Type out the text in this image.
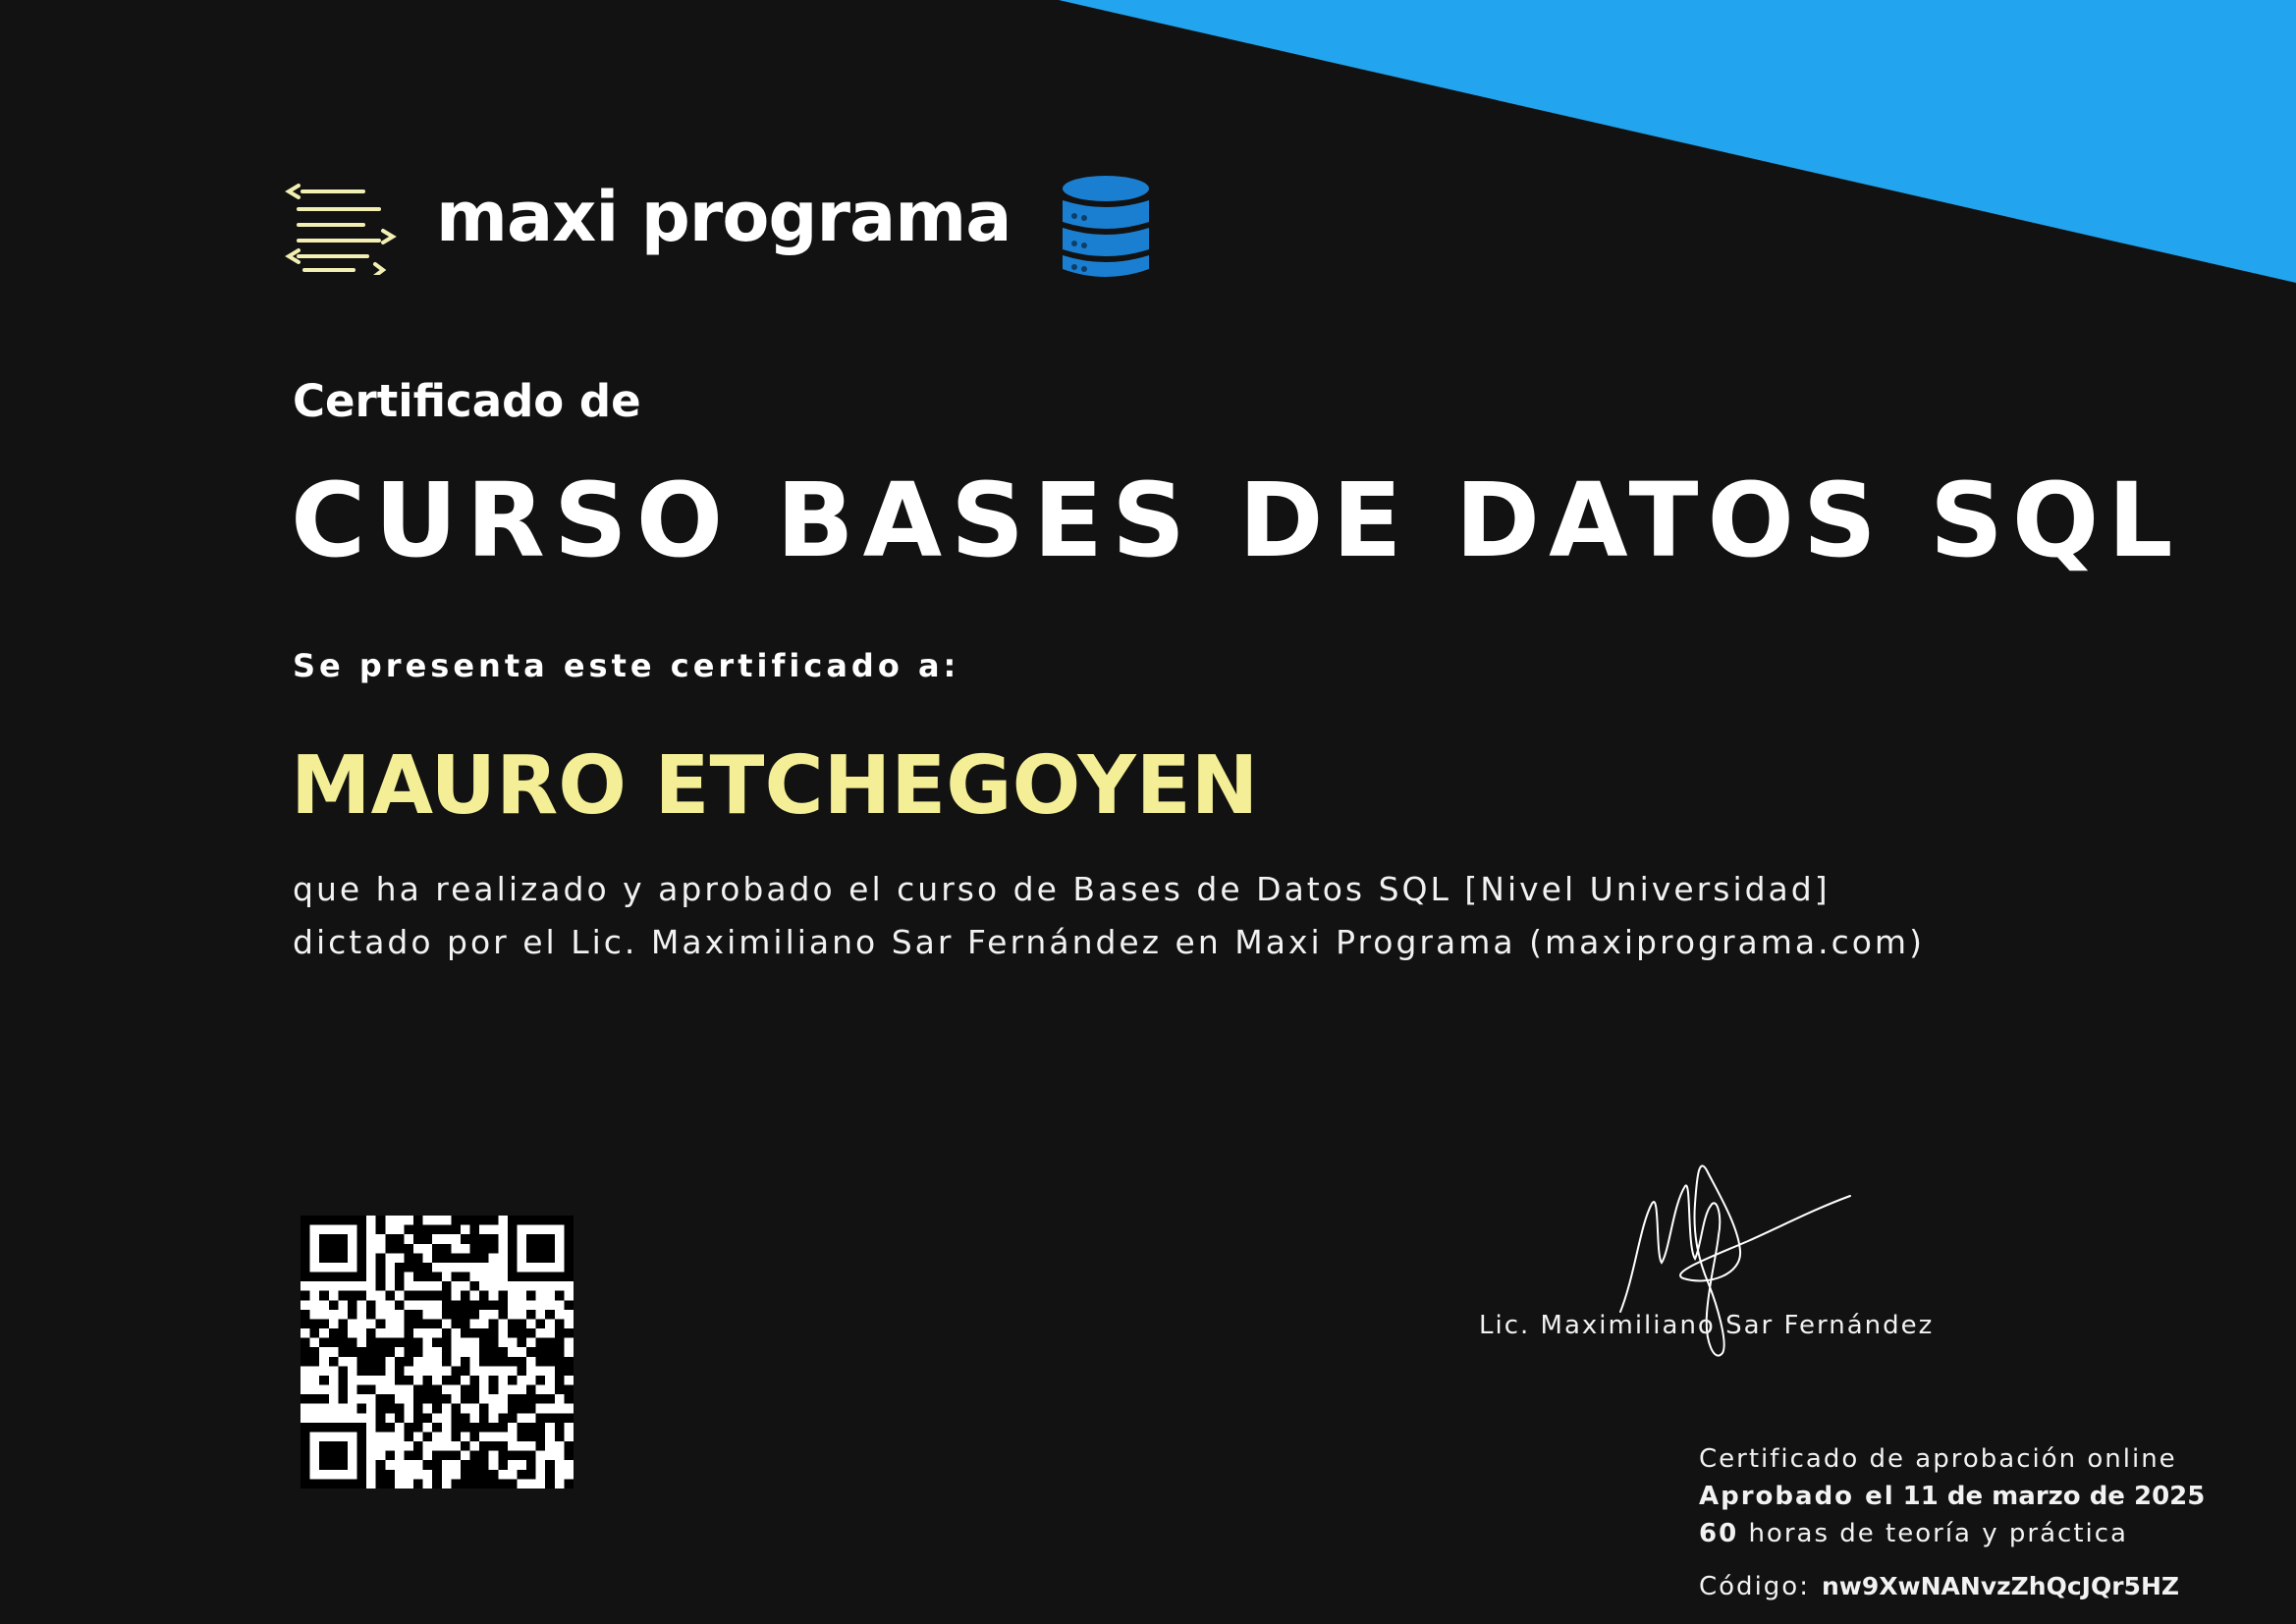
maxi programa
Certificado de
CURSO BASES DE DATOS SQL
Se presenta este certificado a:
MAURO ETCHEGOYEN
que ha realizado y aprobado el curso de Bases de Datos SQL [Nivel Universidad]
dictado por el Lic. Maximiliano Sar Fernández en Maxi Programa (maxiprograma.com)
Lic. Maximiliano Sar Fernández
Certificado de aprobación online
Aprobado el 11 de marzo de 2025
60 horas de teoría y práctica
Código: nw9XwNANvzZhQcJQr5HZ
